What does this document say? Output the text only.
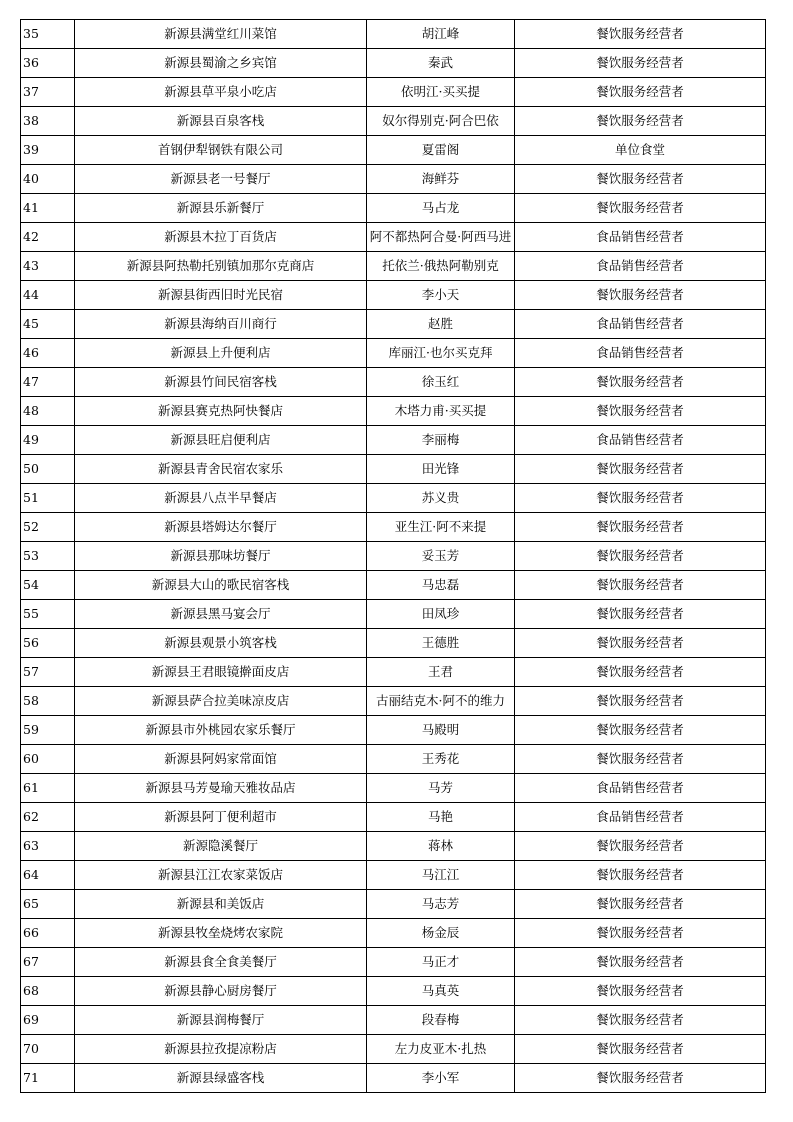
35	新源县满堂红川菜馆	胡江峰	餐饮服务经营者
36	新源县蜀渝之乡宾馆	秦武	餐饮服务经营者
37	新源县草平泉小吃店	依明江·买买提	餐饮服务经营者
38	新源县百泉客栈	奴尔得别克·阿合巴依	餐饮服务经营者
39	首钢伊犁钢铁有限公司	夏雷阁	单位食堂
40	新源县老一号餐厅	海鲜芬	餐饮服务经营者
41	新源县乐新餐厅	马占龙	餐饮服务经营者
42	新源县木拉丁百货店	阿不都热阿合曼·阿西马进	食品销售经营者
43	新源县阿热勒托别镇加那尔克商店	托依兰·俄热阿勒别克	食品销售经营者
44	新源县街西旧时光民宿	李小天	餐饮服务经营者
45	新源县海纳百川商行	赵胜	食品销售经营者
46	新源县上升便利店	库丽江·也尔买克拜	食品销售经营者
47	新源县竹间民宿客栈	徐玉红	餐饮服务经营者
48	新源县赛克热阿快餐店	木塔力甫·买买提	餐饮服务经营者
49	新源县旺启便利店	李丽梅	食品销售经营者
50	新源县青舍民宿农家乐	田光锋	餐饮服务经营者
51	新源县八点半早餐店	苏义贵	餐饮服务经营者
52	新源县塔姆达尔餐厅	亚生江·阿不来提	餐饮服务经营者
53	新源县那味坊餐厅	妥玉芳	餐饮服务经营者
54	新源县大山的歌民宿客栈	马忠磊	餐饮服务经营者
55	新源县黑马宴会厅	田凤珍	餐饮服务经营者
56	新源县观景小筑客栈	王德胜	餐饮服务经营者
57	新源县王君眼镜擀面皮店	王君	餐饮服务经营者
58	新源县萨合拉美味凉皮店	古丽结克木·阿不的维力	餐饮服务经营者
59	新源县市外桃园农家乐餐厅	马殿明	餐饮服务经营者
60	新源县阿妈家常面馆	王秀花	餐饮服务经营者
61	新源县马芳曼瑜天雅妆品店	马芳	食品销售经营者
62	新源县阿丁便利超市	马艳	食品销售经营者
63	新源隐溪餐厅	蒋林	餐饮服务经营者
64	新源县江江农家菜饭店	马江江	餐饮服务经营者
65	新源县和美饭店	马志芳	餐饮服务经营者
66	新源县牧垒烧烤农家院	杨金辰	餐饮服务经营者
67	新源县食全食美餐厅	马正才	餐饮服务经营者
68	新源县静心厨房餐厅	马真英	餐饮服务经营者
69	新源县润梅餐厅	段春梅	餐饮服务经营者
70	新源县拉孜提凉粉店	左力皮亚木·扎热	餐饮服务经营者
71	新源县绿盛客栈	李小军	餐饮服务经营者
